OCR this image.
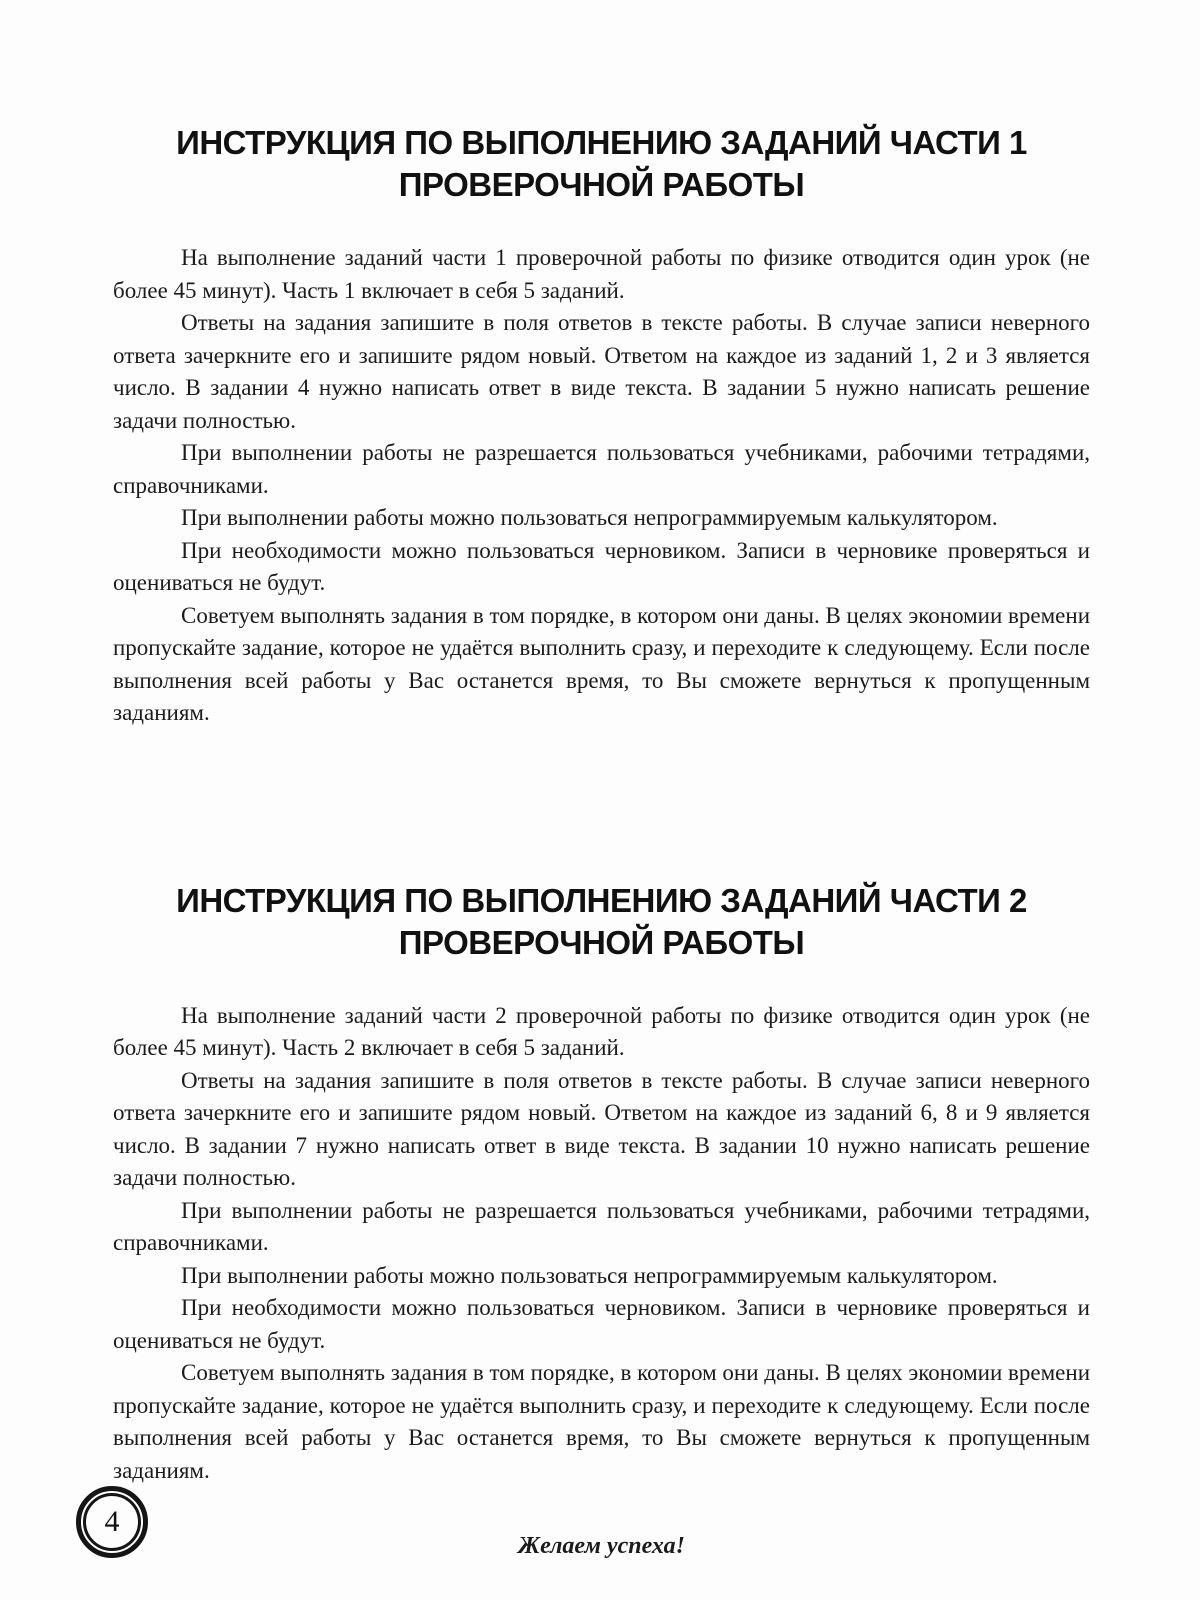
ИНСТРУКЦИЯ ПО ВЫПОЛНЕНИЮ ЗАДАНИЙ ЧАСТИ 1
ПРОВЕРОЧНОЙ РАБОТЫ

На выполнение заданий части 1 проверочной работы по физике отводится один урок (не более 45 минут). Часть 1 включает в себя 5 заданий.

Ответы на задания запишите в поля ответов в тексте работы. В случае записи неверного ответа зачеркните его и запишите рядом новый. Ответом на каждое из заданий 1, 2 и 3 является число. В задании 4 нужно написать ответ в виде текста. В задании 5 нужно написать решение задачи полностью.

При выполнении работы не разрешается пользоваться учебниками, рабочими тетрадями, справочниками.

При выполнении работы можно пользоваться непрограммируемым калькулятором.

При необходимости можно пользоваться черновиком. Записи в черновике проверяться и оцениваться не будут.

Советуем выполнять задания в том порядке, в котором они даны. В целях экономии времени пропускайте задание, которое не удаётся выполнить сразу, и переходите к следующему. Если после выполнения всей работы у Вас останется время, то Вы сможете вернуться к пропущенным заданиям.

ИНСТРУКЦИЯ ПО ВЫПОЛНЕНИЮ ЗАДАНИЙ ЧАСТИ 2
ПРОВЕРОЧНОЙ РАБОТЫ

На выполнение заданий части 2 проверочной работы по физике отводится один урок (не более 45 минут). Часть 2 включает в себя 5 заданий.

Ответы на задания запишите в поля ответов в тексте работы. В случае записи неверного ответа зачеркните его и запишите рядом новый. Ответом на каждое из заданий 6, 8 и 9 является число. В задании 7 нужно написать ответ в виде текста. В задании 10 нужно написать решение задачи полностью.

При выполнении работы не разрешается пользоваться учебниками, рабочими тетрадями, справочниками.

При выполнении работы можно пользоваться непрограммируемым калькулятором.

При необходимости можно пользоваться черновиком. Записи в черновике проверяться и оцениваться не будут.

Советуем выполнять задания в том порядке, в котором они даны. В целях экономии времени пропускайте задание, которое не удаётся выполнить сразу, и переходите к следующему. Если после выполнения всей работы у Вас останется время, то Вы сможете вернуться к пропущенным заданиям.

Желаем успеха!
4
